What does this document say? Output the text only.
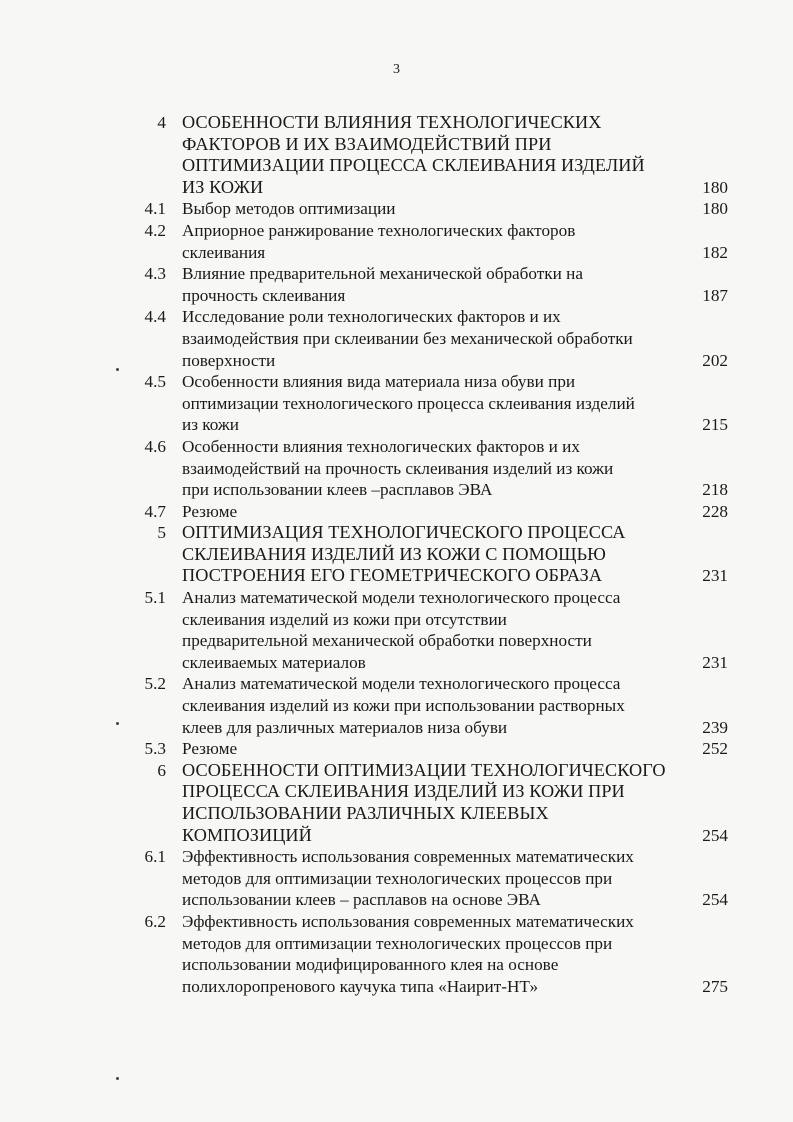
3
4 ОСОБЕННОСТИ ВЛИЯНИЯ ТЕХНОЛОГИЧЕСКИХ
ФАКТОРОВ И ИХ ВЗАИМОДЕЙСТВИЙ ПРИ
ОПТИМИЗАЦИИ ПРОЦЕССА СКЛЕИВАНИЯ ИЗДЕЛИЙ
ИЗ КОЖИ	180
4.1 Выбор методов оптимизации	180
4.2 Априорное ранжирование технологических факторов
склеивания	182
4.3 Влияние предварительной механической обработки на
прочность склеивания	187
4.4 Исследование роли технологических факторов и их
взаимодействия при склеивании без механической обработки
поверхности	202
4.5 Особенности влияния вида материала низа обуви при
оптимизации технологического процесса склеивания изделий
из кожи	215
4.6 Особенности влияния технологических факторов и их
взаимодействий на прочность склеивания изделий из кожи
при использовании клеев –расплавов ЭВА	218
4.7 Резюме	228
5 ОПТИМИЗАЦИЯ ТЕХНОЛОГИЧЕСКОГО ПРОЦЕССА
СКЛЕИВАНИЯ ИЗДЕЛИЙ ИЗ КОЖИ С ПОМОЩЬЮ
ПОСТРОЕНИЯ ЕГО ГЕОМЕТРИЧЕСКОГО ОБРАЗА	231
5.1 Анализ математической модели технологического процесса
склеивания изделий из кожи при отсутствии
предварительной механической обработки поверхности
склеиваемых материалов	231
5.2 Анализ математической модели технологического процесса
склеивания изделий из кожи при использовании растворных
клеев для различных материалов низа обуви	239
5.3 Резюме	252
6 ОСОБЕННОСТИ ОПТИМИЗАЦИИ ТЕХНОЛОГИЧЕСКОГО
ПРОЦЕССА СКЛЕИВАНИЯ ИЗДЕЛИЙ ИЗ КОЖИ ПРИ
ИСПОЛЬЗОВАНИИ РАЗЛИЧНЫХ КЛЕЕВЫХ
КОМПОЗИЦИЙ	254
6.1 Эффективность использования современных математических
методов для оптимизации технологических процессов при
использовании клеев – расплавов на основе ЭВА	254
6.2 Эффективность использования современных математических
методов для оптимизации технологических процессов при
использовании модифицированного клея на основе
полихлоропренового каучука типа «Наирит-НТ»	275
